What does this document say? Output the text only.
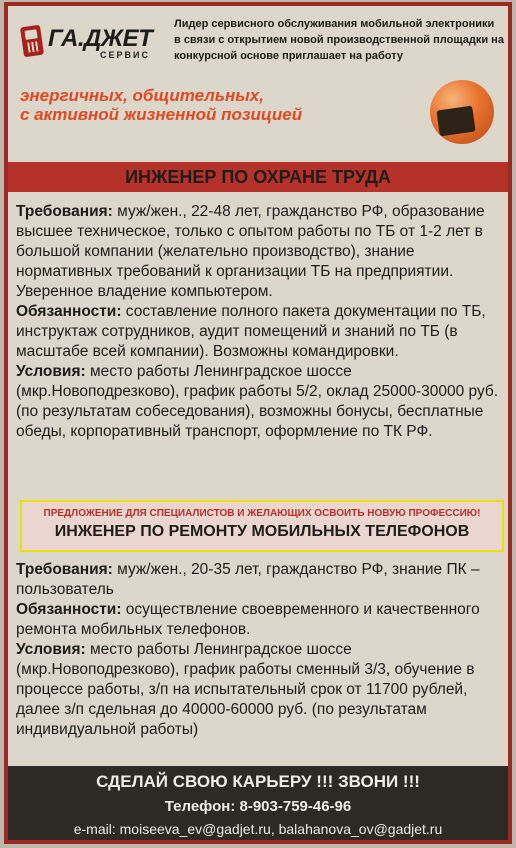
ГА.ДЖЕТ
СЕРВИС
Лидер сервисного обслуживания мобильной электроники в связи с открытием новой производственной площадки на конкурсной основе приглашает на работу
энергичных, общительных,
с активной жизненной позицией
ИНЖЕНЕР ПО ОХРАНЕ ТРУДА

Требования: муж/жен., 22-48 лет, гражданство РФ, образование высшее техническое, только с опытом работы по ТБ от 1-2 лет в большой компании (желательно производство), знание нормативных требований к организации ТБ на предприятии. Уверенное владение компьютером.

Обязанности: составление полного пакета документации по ТБ, инструктаж сотрудников, аудит помещений и знаний по ТБ (в масштабе всей компании). Возможны командировки.

Условия: место работы Ленинградское шоссе (мкр.Новоподрезково), график работы 5/2, оклад 25000-30000 руб. (по результатам собеседования), возможны бонусы, бесплатные обеды, корпоративный транспорт, оформление по ТК РФ.

ПРЕДЛОЖЕНИЕ ДЛЯ СПЕЦИАЛИСТОВ И ЖЕЛАЮЩИХ ОСВОИТЬ НОВУЮ ПРОФЕССИЮ!
ИНЖЕНЕР ПО РЕМОНТУ МОБИЛЬНЫХ ТЕЛЕФОНОВ

Требования: муж/жен., 20-35 лет, гражданство РФ, знание ПК – пользователь

Обязанности: осуществление своевременного и качественного ремонта мобильных телефонов.

Условия: место работы Ленинградское шоссе (мкр.Новоподрезково), график работы сменный 3/3, обучение в процессе работы, з/п на испытательный срок от 11700 рублей, далее з/п сдельная до 40000-60000 руб. (по результатам индивидуальной работы)

СДЕЛАЙ СВОЮ КАРЬЕРУ !!! ЗВОНИ !!!
Телефон: 8-903-759-46-96
e-mail: moiseeva_ev@gadjet.ru, balahanova_ov@gadjet.ru
